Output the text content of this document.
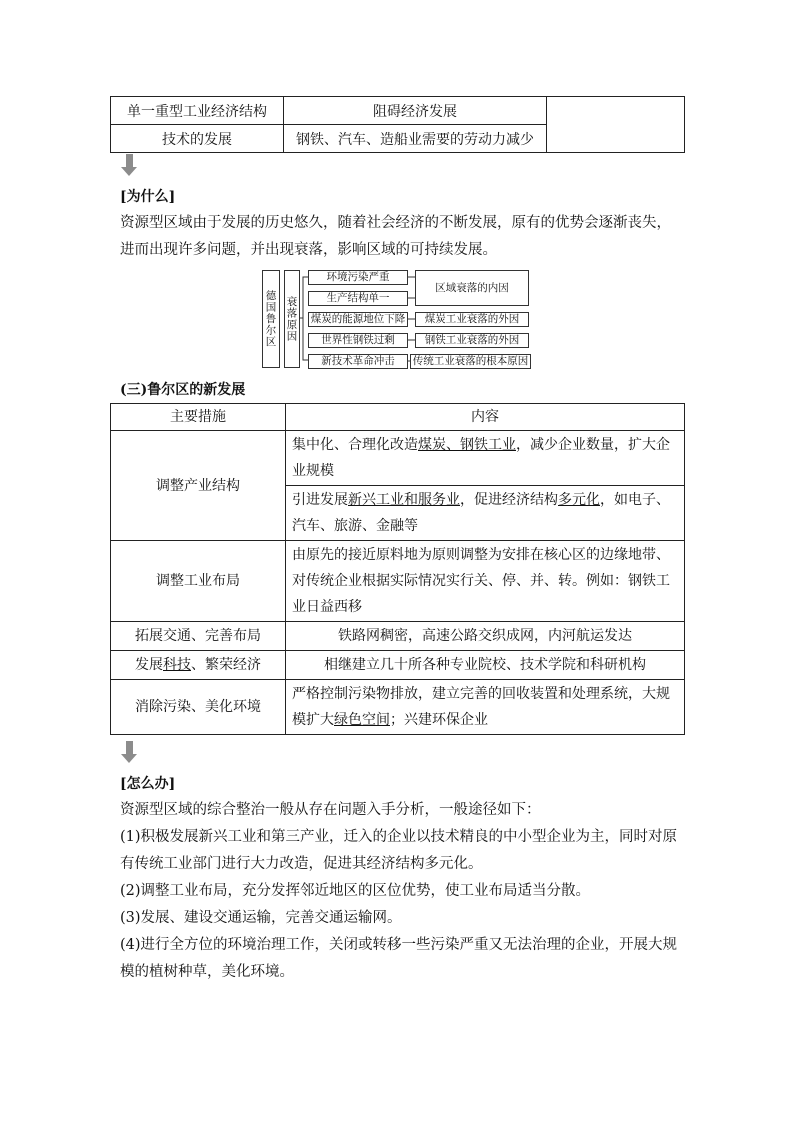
单一重型工业经济结构	阻碍经济发展	
技术的发展	钢铁、汽车、造船业需要的劳动力减少	
[为什么]
资源型区域由于发展的历史悠久，随着社会经济的不断发展，原有的优势会逐渐丧失，进而出现许多问题，并出现衰落，影响区域的可持续发展。
德国鲁尔区 衰落原因
环境污染严重
生产结构单一
煤炭的能源地位下降
世界性钢铁过剩
新技术革命冲击
区域衰落的内因
煤炭工业衰落的外因
钢铁工业衰落的外因
传统工业衰落的根本原因
(三)鲁尔区的新发展
主要措施	内容
调整产业结构	集中化、合理化改造煤炭、钢铁工业，减少企业数量，扩大企业规模
	引进发展新兴工业和服务业，促进经济结构多元化，如电子、汽车、旅游、金融等
调整工业布局	由原先的接近原料地为原则调整为安排在核心区的边缘地带、对传统企业根据实际情况实行关、停、并、转。例如：钢铁工业日益西移
拓展交通、完善布局	铁路网稠密，高速公路交织成网，内河航运发达
发展科技、繁荣经济	相继建立几十所各种专业院校、技术学院和科研机构
消除污染、美化环境	严格控制污染物排放，建立完善的回收装置和处理系统，大规模扩大绿色空间；兴建环保企业
[怎么办]
资源型区域的综合整治一般从存在问题入手分析，一般途径如下：
(1)积极发展新兴工业和第三产业，迁入的企业以技术精良的中小型企业为主，同时对原有传统工业部门进行大力改造，促进其经济结构多元化。
(2)调整工业布局，充分发挥邻近地区的区位优势，使工业布局适当分散。
(3)发展、建设交通运输，完善交通运输网。
(4)进行全方位的环境治理工作，关闭或转移一些污染严重又无法治理的企业，开展大规模的植树种草，美化环境。
